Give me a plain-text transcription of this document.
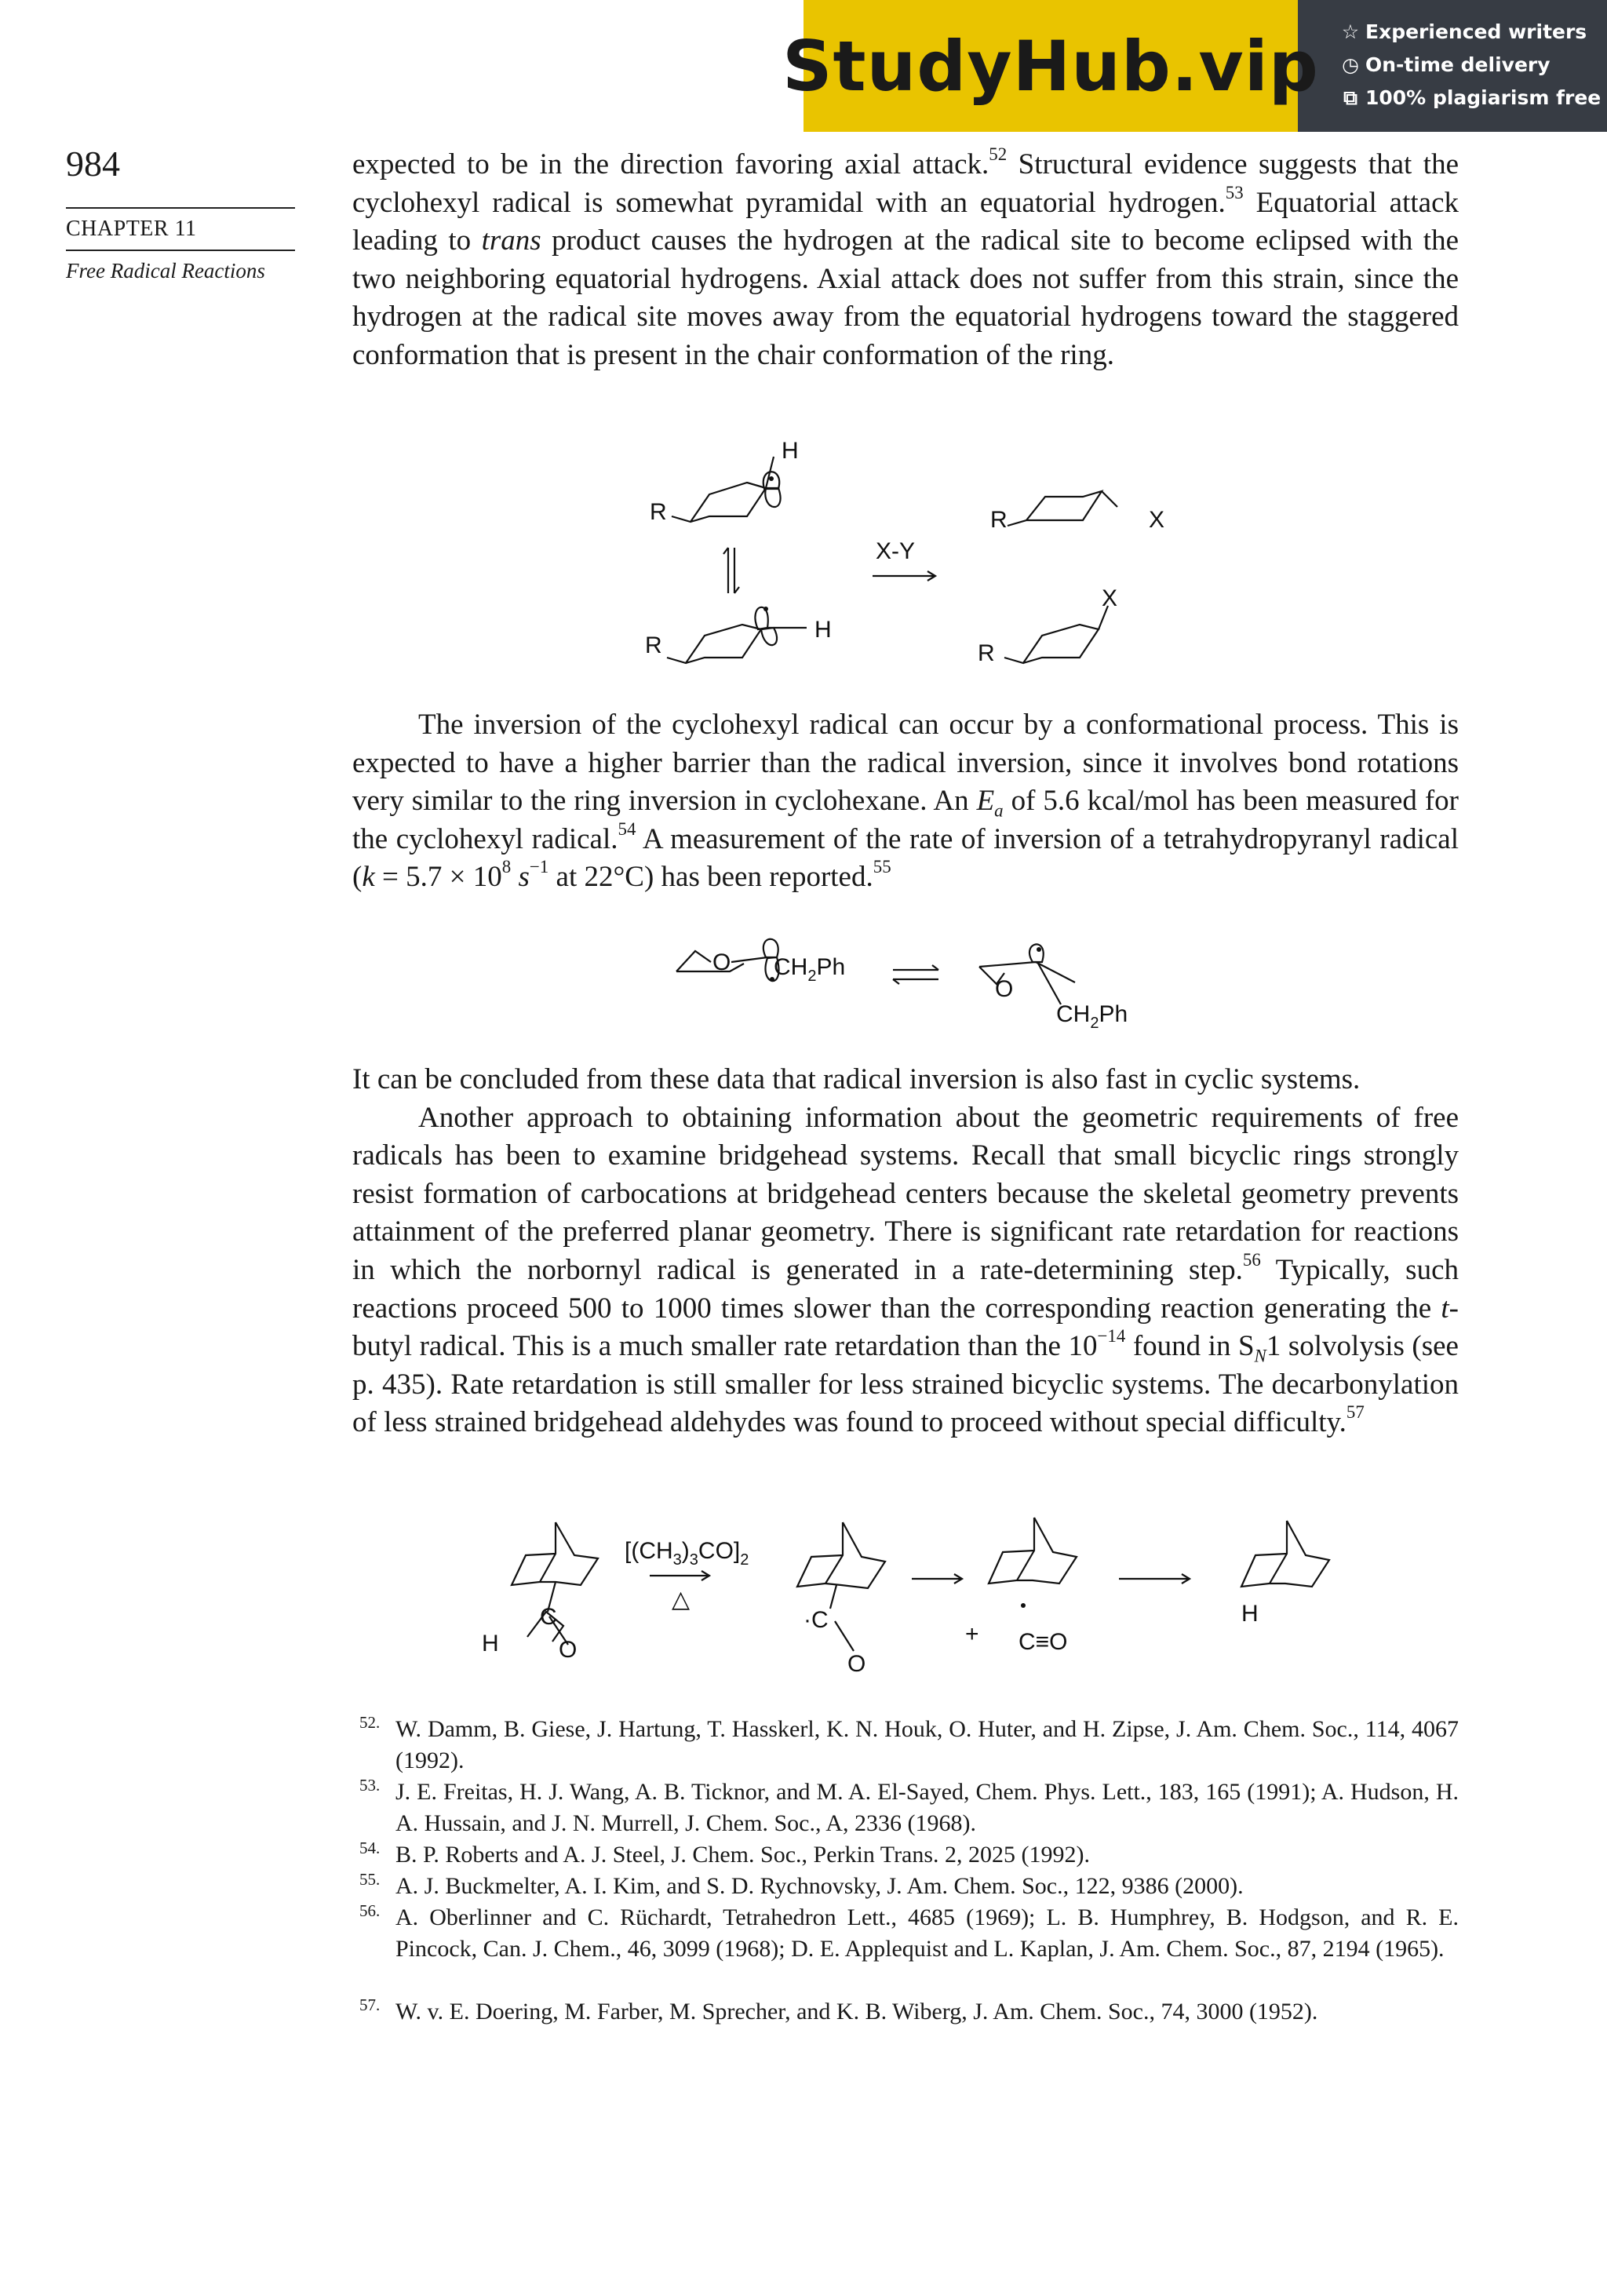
StudyHub.vip ☆ Experienced writers
◷ On-time delivery
⧉ 100% plagiarism free
984
CHAPTER 11
Free Radical Reactions

expected to be in the direction favoring axial attack.$^{52}$ Structural evidence suggests that the cyclohexyl radical is somewhat pyramidal with an equatorial hydrogen.$^{53}$ Equatorial attack leading to trans product causes the hydrogen at the radical site to become eclipsed with the two neighboring equatorial hydrogens. Axial attack does not suffer from this strain, since the hydrogen at the radical site moves away from the equatorial hydrogens toward the staggered conformation that is present in the chair conformation of the ring.

R
H
R
H
X-Y
R	X
X
R

The inversion of the cyclohexyl radical can occur by a conformational process. This is expected to have a higher barrier than the radical inversion, since it involves bond rotations very similar to the ring inversion in cyclohexane. An $E_a$ of 5.6 kcal/mol has been measured for the cyclohexyl radical.$^{54}$ A measurement of the rate of inversion of a tetrahydropyranyl radical ($k = 5.7 \times 10^8$ $s^{-1}$ at 22°C) has been reported.$^{55}$

O $CH_2Ph$
O
$CH_2Ph$

It can be concluded from these data that radical inversion is also fast in cyclic systems.
Another approach to obtaining information about the geometric requirements of free radicals has been to examine bridgehead systems. Recall that small bicyclic rings strongly resist formation of carbocations at bridgehead centers because the skeletal geometry prevents attainment of the preferred planar geometry. There is significant rate retardation for reactions in which the norbornyl radical is generated in a rate-determining step.$^{56}$ Typically, such reactions proceed 500 to 1000 times slower than the corresponding reaction generating the t-butyl radical. This is a much smaller rate retardation than the $10^{-14}$ found in $S_N1$ solvolysis (see p. 435). Rate retardation is still smaller for less strained bicyclic systems. The decarbonylation of less strained bridgehead aldehydes was found to proceed without special difficulty.$^{57}$

C
H	O
$[(CH_3)_3CO]_2$
△
·C
O
+ C≡O
H

52. W. Damm, B. Giese, J. Hartung, T. Hasskerl, K. N. Houk, O. Huter, and H. Zipse, J. Am. Chem. Soc., 114, 4067 (1992).

53. J. E. Freitas, H. J. Wang, A. B. Ticknor, and M. A. El-Sayed, Chem. Phys. Lett., 183, 165 (1991); A. Hudson, H. A. Hussain, and J. N. Murrell, J. Chem. Soc., A, 2336 (1968).

54. B. P. Roberts and A. J. Steel, J. Chem. Soc., Perkin Trans. 2, 2025 (1992).

55. A. J. Buckmelter, A. I. Kim, and S. D. Rychnovsky, J. Am. Chem. Soc., 122, 9386 (2000).

56. A. Oberlinner and C. Rüchardt, Tetrahedron Lett., 4685 (1969); L. B. Humphrey, B. Hodgson, and R. E. Pincock, Can. J. Chem., 46, 3099 (1968); D. E. Applequist and L. Kaplan, J. Am. Chem. Soc., 87, 2194 (1965).

57. W. v. E. Doering, M. Farber, M. Sprecher, and K. B. Wiberg, J. Am. Chem. Soc., 74, 3000 (1952).
